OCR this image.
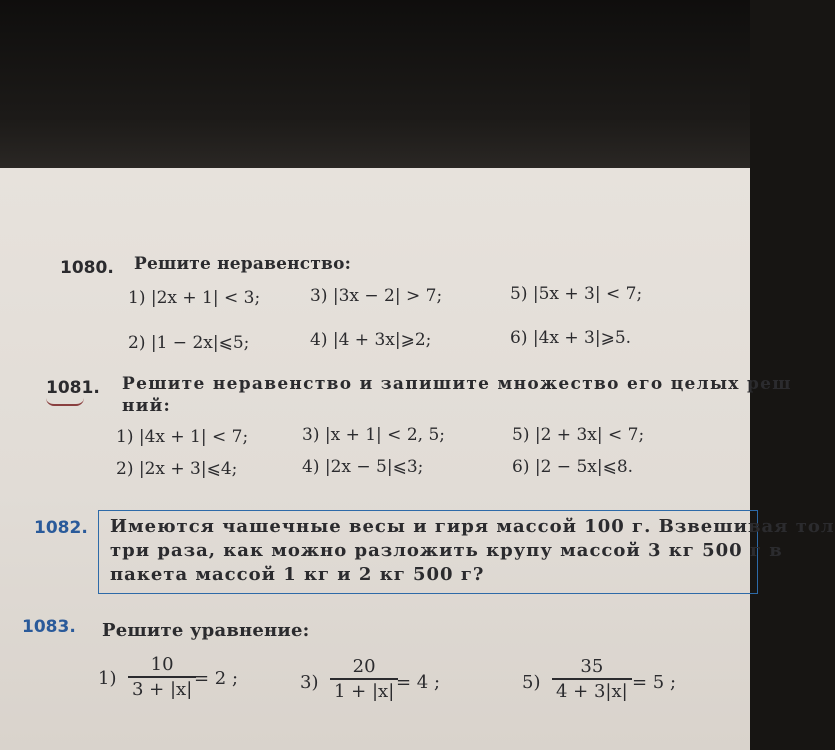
1080. Решите неравенство:
1) |2x + 1| < 3;	3) |3x − 2| > 7;	5) |5x + 3| < 7;
2) |1 − 2x|⩽5;	4) |4 + 3x|⩾2;	6) |4x + 3|⩾5.
1081. Решите неравенство и запишите множество его целых реш
ний:
1) |4x + 1| < 7;	3) |x + 1| < 2, 5;	5) |2 + 3x| < 7;
2) |2x + 3|⩽4;	4) |2x − 5|⩽3;	6) |2 − 5x|⩽8.
1082. Имеются чашечные весы и гиря массой 100 г. Взвешивая тол
три раза, как можно разложить крупу массой 3 кг 500 г в
пакета массой 1 кг и 2 кг 500 г?
1083. Решите уравнение:
1)
10
3 + |x| = 2 ;	3)
20
1 + |x| = 4 ;	5)
35
4 + 3|x| = 5 ;
